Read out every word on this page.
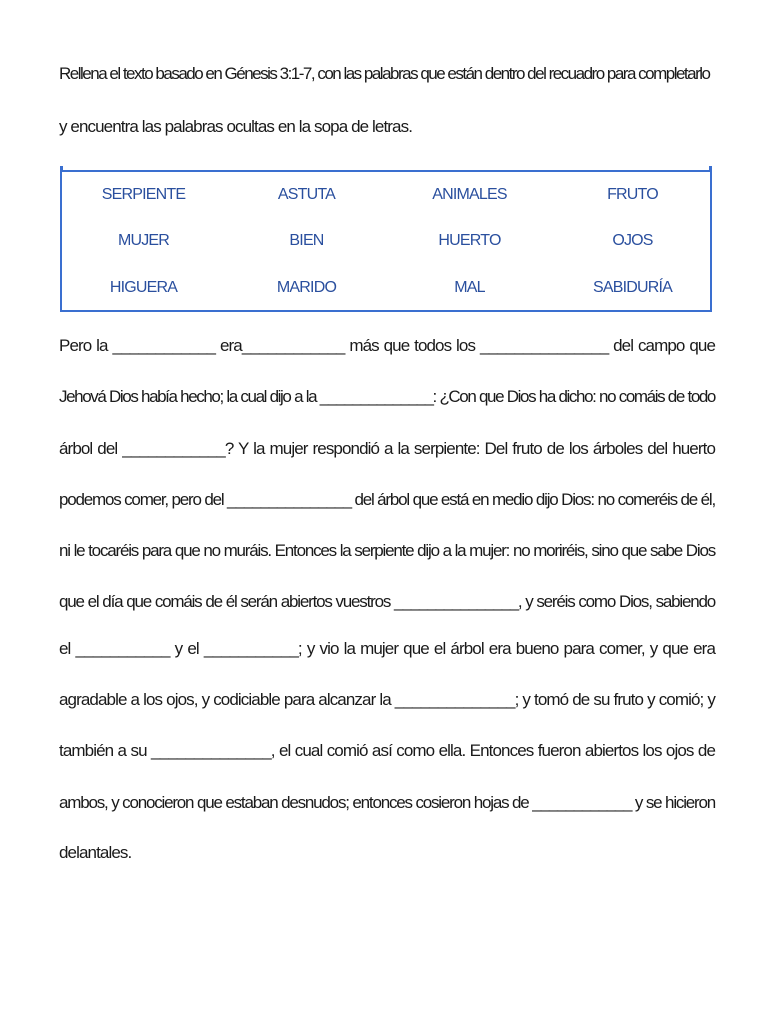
Rellena el texto basado en Génesis 3:1-7, con las palabras que están dentro del recuadro para completarlo
y encuentra las palabras ocultas en la sopa de letras.
SERPIENTE	ASTUTA	ANIMALES	FRUTO
MUJER	BIEN	HUERTO	OJOS
HIGUERA	MARIDO	MAL	SABIDURÍA
Pero la ____________ era____________ más que todos los _______________ del campo que
Jehová Dios había hecho; la cual dijo a la ______________: ¿Con que Dios ha dicho: no comáis de todo
árbol del ____________? Y la mujer respondió a la serpiente: Del fruto de los árboles del huerto
podemos comer, pero del _______________ del árbol que está en medio dijo Dios: no comeréis de él,
ni le tocaréis para que no muráis. Entonces la serpiente dijo a la mujer: no moriréis, sino que sabe Dios
que el día que comáis de él serán abiertos vuestros _______________, y seréis como Dios, sabiendo
el ___________ y el ___________; y vio la mujer que el árbol era bueno para comer, y que era
agradable a los ojos, y codiciable para alcanzar la ______________; y tomó de su fruto y comió; y
también a su ______________, el cual comió así como ella. Entonces fueron abiertos los ojos de
ambos, y conocieron que estaban desnudos; entonces cosieron hojas de ____________ y se hicieron
delantales.
